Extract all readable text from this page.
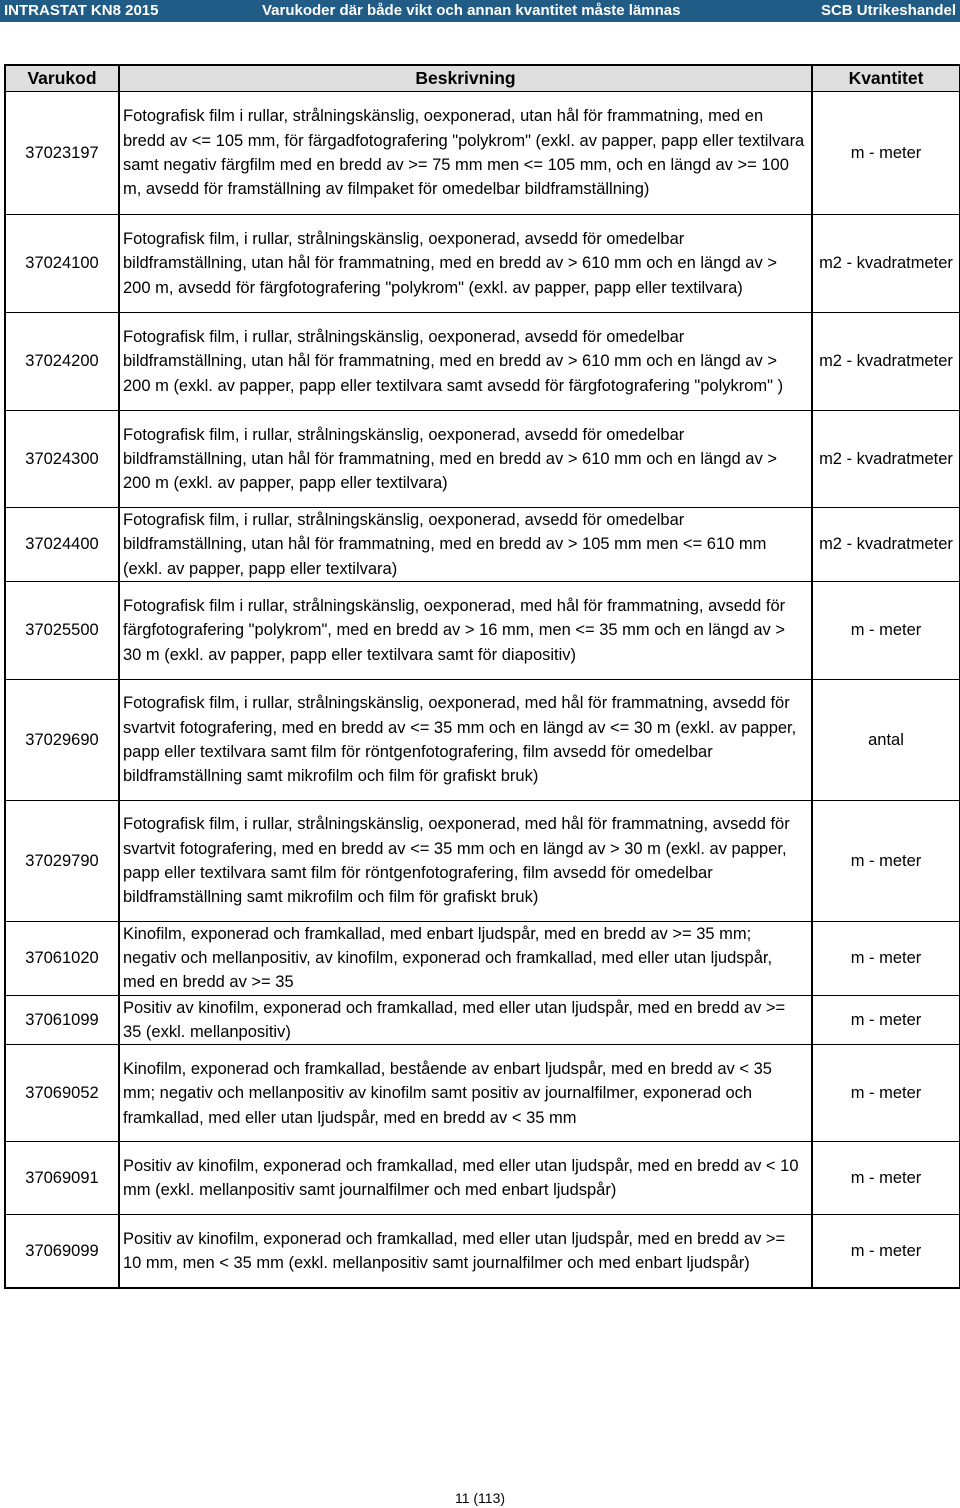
INTRASTAT KN8 2015	Varukoder där både vikt och annan kvantitet måste lämnas	SCB Utrikeshandel
Varukod	Beskrivning	Kvantitet
37023197	Fotografisk film i rullar, strålningskänslig, oexponerad, utan hål för frammatning, med en bredd av <= 105 mm, för färgadfotografering "polykrom" (exkl. av papper, papp eller textilvara samt negativ färgfilm med en bredd av >= 75 mm men <= 105 mm, och en längd av >= 100 m, avsedd för framställning av filmpaket för omedelbar bildframställning)	m - meter
37024100	Fotografisk film, i rullar, strålningskänslig, oexponerad, avsedd för omedelbar bildframställning, utan hål för frammatning, med en bredd av > 610 mm och en längd av > 200 m, avsedd för färgfotografering "polykrom" (exkl. av papper, papp eller textilvara)	m2 - kvadratmeter
37024200	Fotografisk film, i rullar, strålningskänslig, oexponerad, avsedd för omedelbar bildframställning, utan hål för frammatning, med en bredd av > 610 mm och en längd av > 200 m (exkl. av papper, papp eller textilvara samt avsedd för färgfotografering "polykrom" )	m2 - kvadratmeter
37024300	Fotografisk film, i rullar, strålningskänslig, oexponerad, avsedd för omedelbar bildframställning, utan hål för frammatning, med en bredd av > 610 mm och en längd av > 200 m (exkl. av papper, papp eller textilvara)	m2 - kvadratmeter
37024400	Fotografisk film, i rullar, strålningskänslig, oexponerad, avsedd för omedelbar bildframställning, utan hål för frammatning, med en bredd av > 105 mm men <= 610 mm (exkl. av papper, papp eller textilvara)	m2 - kvadratmeter
37025500	Fotografisk film i rullar, strålningskänslig, oexponerad, med hål för frammatning, avsedd för färgfotografering "polykrom", med en bredd av > 16 mm, men <= 35 mm och en längd av > 30 m (exkl. av papper, papp eller textilvara samt för diapositiv)	m - meter
37029690	Fotografisk film, i rullar, strålningskänslig, oexponerad, med hål för frammatning, avsedd för svartvit fotografering, med en bredd av <= 35 mm och en längd av <= 30 m (exkl. av papper, papp eller textilvara samt film för röntgenfotografering, film avsedd för omedelbar bildframställning samt mikrofilm och film för grafiskt bruk)	antal
37029790	Fotografisk film, i rullar, strålningskänslig, oexponerad, med hål för frammatning, avsedd för svartvit fotografering, med en bredd av <= 35 mm och en längd av > 30 m (exkl. av papper, papp eller textilvara samt film för röntgenfotografering, film avsedd för omedelbar bildframställning samt mikrofilm och film för grafiskt bruk)	m - meter
37061020	Kinofilm, exponerad och framkallad, med enbart ljudspår, med en bredd av >= 35 mm; negativ och mellanpositiv, av kinofilm, exponerad och framkallad, med eller utan ljudspår, med en bredd av >= 35	m - meter
37061099	Positiv av kinofilm, exponerad och framkallad, med eller utan ljudspår, med en bredd av >= 35 (exkl. mellanpositiv)	m - meter
37069052	Kinofilm, exponerad och framkallad, bestående av enbart ljudspår, med en bredd av < 35 mm; negativ och mellanpositiv av kinofilm samt positiv av journalfilmer, exponerad och framkallad, med eller utan ljudspår, med en bredd av < 35 mm	m - meter
37069091	Positiv av kinofilm, exponerad och framkallad, med eller utan ljudspår, med en bredd av < 10 mm (exkl. mellanpositiv samt journalfilmer och med enbart ljudspår)	m - meter
37069099	Positiv av kinofilm, exponerad och framkallad, med eller utan ljudspår, med en bredd av >= 10 mm, men < 35 mm (exkl. mellanpositiv samt journalfilmer och med enbart ljudspår)	m - meter
11 (113)
